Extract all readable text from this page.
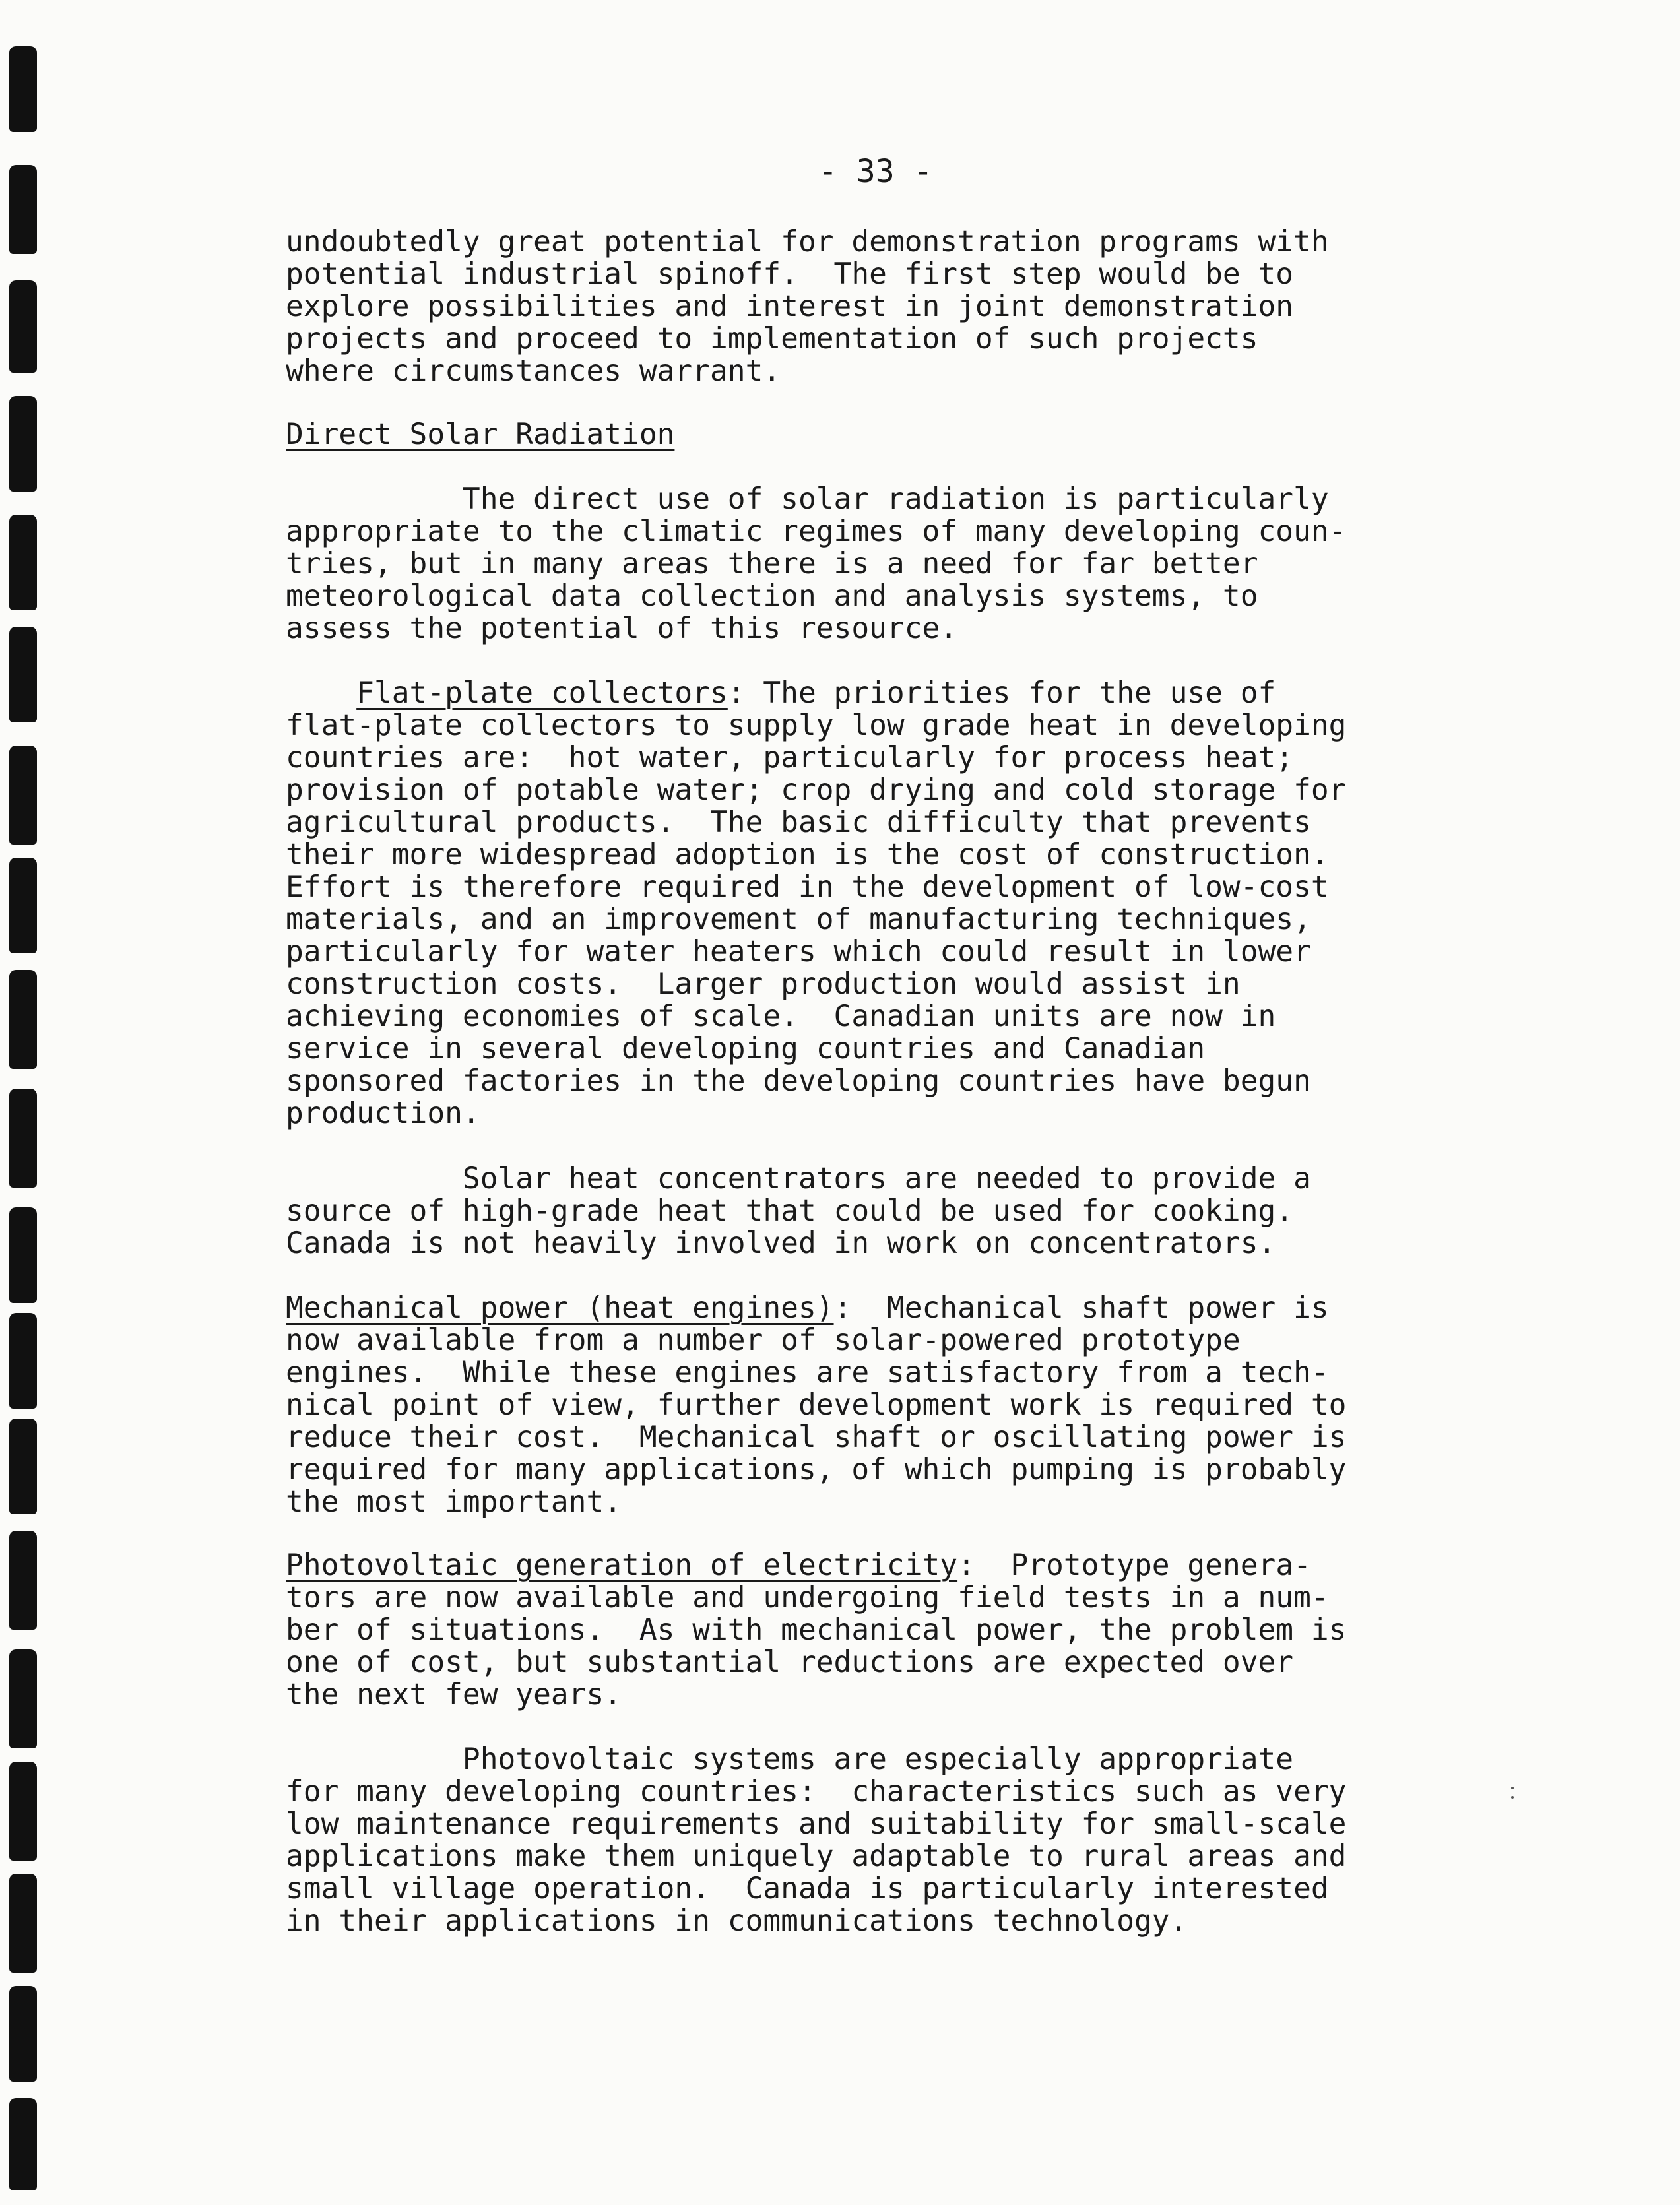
- 33 -
undoubtedly great potential for demonstration programs with
potential industrial spinoff.  The first step would be to
explore possibilities and interest in joint demonstration
projects and proceed to implementation of such projects
where circumstances warrant.
Direct Solar Radiation
The direct use of solar radiation is particularly
appropriate to the climatic regimes of many developing coun-
tries, but in many areas there is a need for far better
meteorological data collection and analysis systems, to
assess the potential of this resource.
Flat-plate collectors: The priorities for the use of
flat-plate collectors to supply low grade heat in developing
countries are:  hot water, particularly for process heat;
provision of potable water; crop drying and cold storage for
agricultural products.  The basic difficulty that prevents
their more widespread adoption is the cost of construction.
Effort is therefore required in the development of low-cost
materials, and an improvement of manufacturing techniques,
particularly for water heaters which could result in lower
construction costs.  Larger production would assist in
achieving economies of scale.  Canadian units are now in
service in several developing countries and Canadian
sponsored factories in the developing countries have begun
production.
Solar heat concentrators are needed to provide a
source of high-grade heat that could be used for cooking.
Canada is not heavily involved in work on concentrators.
Mechanical power (heat engines):  Mechanical shaft power is
now available from a number of solar-powered prototype
engines.  While these engines are satisfactory from a tech-
nical point of view, further development work is required to
reduce their cost.  Mechanical shaft or oscillating power is
required for many applications, of which pumping is probably
the most important.
Photovoltaic generation of electricity:  Prototype genera-
tors are now available and undergoing field tests in a num-
ber of situations.  As with mechanical power, the problem is
one of cost, but substantial reductions are expected over
the next few years.
Photovoltaic systems are especially appropriate
for many developing countries:  characteristics such as very
low maintenance requirements and suitability for small-scale
applications make them uniquely adaptable to rural areas and
small village operation.  Canada is particularly interested
in their applications in communications technology.
